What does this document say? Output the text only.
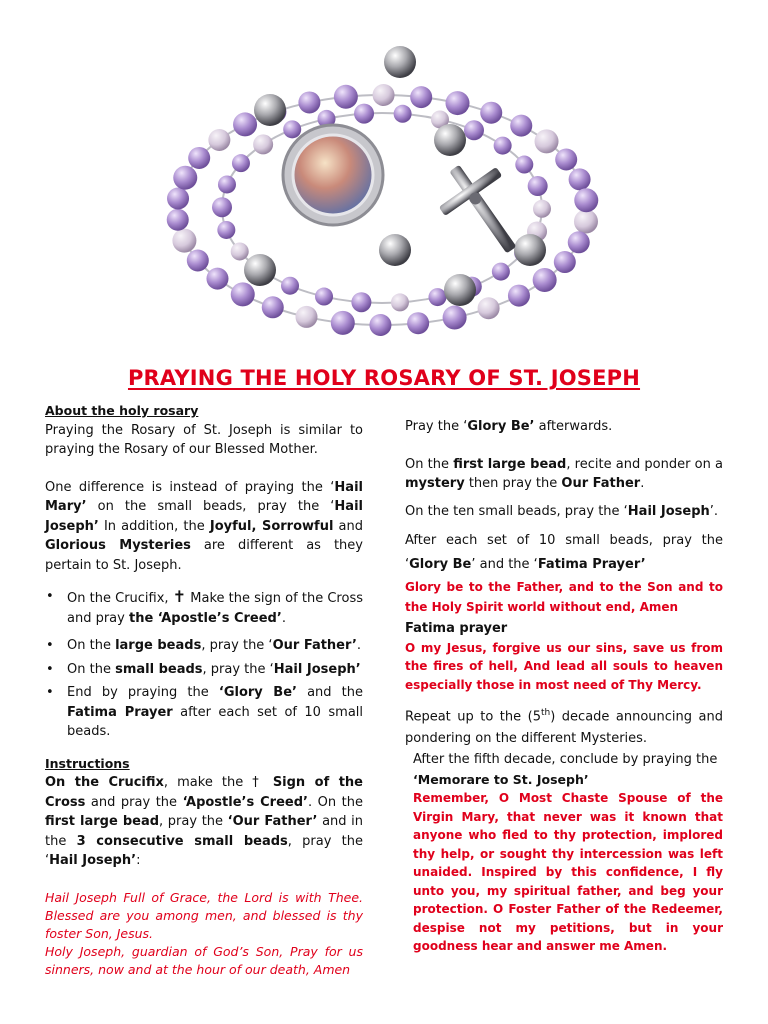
PRAYING THE HOLY ROSARY OF ST. JOSEPH

About the holy rosary

Praying the Rosary of St. Joseph is similar to praying the Rosary of our Blessed Mother.

One difference is instead of praying the ‘Hail Mary’ on the small beads, pray the ‘Hail Joseph’ In addition, the Joyful, Sorrowful and Glorious Mysteries are different as they pertain to St. Joseph.

• On the Crucifix, ✝ Make the sign of the Cross and pray the ‘Apostle’s Creed’.
• On the large beads, pray the ‘Our Father’.
• On the small beads, pray the ‘Hail Joseph’
• End by praying the ‘Glory Be’ and the Fatima Prayer after each set of 10 small beads.

Instructions

On the Crucifix, make the † Sign of the Cross and pray the ‘Apostle’s Creed’. On the first large bead, pray the ‘Our Father’ and in the 3 consecutive small beads, pray the ‘Hail Joseph’:

Hail Joseph Full of Grace, the Lord is with Thee. Blessed are you among men, and blessed is thy foster Son, Jesus.

Holy Joseph, guardian of God’s Son, Pray for us sinners, now and at the hour of our death, Amen

Pray the ‘Glory Be’ afterwards.

On the first large bead, recite and ponder on a mystery then pray the Our Father.

On the ten small beads, pray the ‘Hail Joseph’.

After each set of 10 small beads, pray the ‘Glory Be’ and the ‘Fatima Prayer’

Glory be to the Father, and to the Son and to the Holy Spirit world without end, Amen

Fatima prayer

O my Jesus, forgive us our sins, save us from the fires of hell, And lead all souls to heaven especially those in most need of Thy Mercy.

Repeat up to the (5th) decade announcing and pondering on the different Mysteries.

After the fifth decade, conclude by praying the

‘Memorare to St. Joseph’

Remember, O Most Chaste Spouse of the Virgin Mary, that never was it known that anyone who fled to thy protection, implored thy help, or sought thy intercession was left unaided. Inspired by this confidence, I fly unto you, my spiritual father, and beg your protection. O Foster Father of the Redeemer, despise not my petitions, but in your goodness hear and answer me Amen.
